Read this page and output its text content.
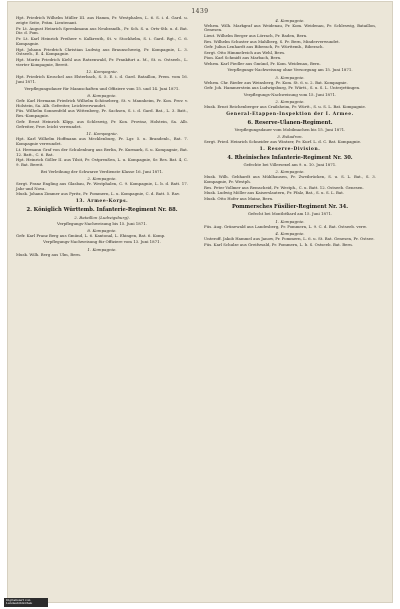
1439
Hpt. Friedrich Wilhelm Müller III. aus Hamm, Pr. Westphalen, L. 6. S. i. d. Gard. u. zeigte Seite, Präm. Lieutenant.
Pr. Lt. August Heinrich Sprenkmann aus Neubrandb., Pr. Sch. S. u. Orts-Stb. u. d. Bat. Dir. d. Pom.
Pr. Lt. Karl Heinrich Freiherr v. Kalkreuth, St. v. Stockhelm, S. i. Gard. Rgt., C. 6. Kompagnie.
Hpt. Johann Friedrich Christian Ludwig aus Braunschweig, Pr. Kompagnie, L. 3. Ostseeb., E. 4. Kompagnie.
Hpt. Moritz Friedrich Kiehl aus Ratzenwald, Pr. Frankfurt a. M., St. n. Ostseeb., L. vierter Kompagnie, Bereit.
12. Kompagnie.
Hpt. Friedrich Kroschel aus Elsterbach, S. 5. E. i. d. Gard. Bataillon, Prem. vom 16. Juni 1871.
Verpflegungsdauer für Mannschaften und Offiziere vom 15. und 14. Juni 1871.
8. Kompagnie.
Gefr. Karl Hermann Friedrich Wilhelm Schöneberg, St. v. Mannheim, Pr. Kon. Prov. v. Holstein, Sa. Alb. Gefreiter, Leichtverwundet.
Füs. Wilhelm Sonnenfeld aus Wittenberg, Pr. Sachsen, S. i. d. Gard. Bat., L. 3. Batt., Res.-Kompagnie.
Gefr. Ernst Heinrich Klipp. aus Schleswig, Pr. Kon. Provinz, Holstein, Sa. Alb. Gefreiter, Prov. leicht verwundet.
11. Kompagnie.
Hpt. Karl Wilhelm Hoffmann aus Mecklenburg, Pr. Lgr. 5. u. Brandenb., Bat. 7. Kompagnie verwundet.
Lt. Hermann Graf von der Schulenburg aus Berlin, Pr. Kurmark, S. u. Kompagnie, Bat. 12. Batt., C. 6. Bat.
Hpt. Heinrich Göller II. aus Tilsit, Pr. Ostpreußen, L. u. Kompagnie, Sr. Res. Bat. 4, C. 9. Bat. Bereit.
Bei Verleihung der Schwarze Verdienste Klasse 16. Juni 1871.
2. Kompagnie.
Sergt. Franz Engling aus Glasbau, Pr. Westphalen, C. 9. Kompagnie, L. b. d. Batt. 17. Jahr und Nova.
Musk. Johann Zimmer aus Pyritz, Pr. Pommern, L. u. Kompagnie, C. d. Batt. 5. Rav.
13. Armee-Korps.
2. Königlich Württemb. Infanterie-Regiment Nr. 88.
2. Bataillon (Ludwigsburg).
Verpflegungs-Nachweisung bis 15. Juni 1871.
8. Kompagnie.
Gefr. Karl Franz Berg aus Gmünd, L. 6. Kantonal, L. Ehingen, Bat. 6. Komp.
Verpflegungs-Nachweisung für Offiziere vom 13. Juni 1871.
1. Kompagnie.
Musk. Wilh. Berg aus Ulm, Bern.
4. Kompagnie.
Wehrm. Wilh. Markgraf aus Weidenau, Pr. Kom. Weidenau, Pr. Schleswig, Bataillon, Genesen.
Lieut. Wilhelm Berger aus Lörrach, Pr. Baden, Bern.
Res. Wilhelm Schuster aus Mahlberg, S. Pr. Bern, Minderverwundet.
Gefr. Julius Lenhardt aus Biberach, Pr. Württemb., Biberach.
Sergt. Otto Himmelreich aus Wehl, Bern.
Pion. Karl Schmidt aus Marbach, Bern.
Wehrm. Karl Fiedler aus Gmünd, Pr. Kom. Weidenau, Bern.
Verpflegungs-Nachweisung ohne Versorgung am 15. Juni 1871.
5. Kompagnie.
Wehrm. Chr. Rieder aus Weinsberg, Pr. Kom. St. 6. u. 2. Bat. Kompagnie.
Gefr. Joh. Hammerstein aus Ludwigsburg, Pr. Württ., S. u. S. L. Unterjettingen.
Verpflegungs-Nachweisung vom 15. Juni 1871.
2. Kompagnie.
Musk. Ernst Reichenberger aus Crailsheim, Pr. Württ., S. u. S. L. Bat. Kompagnie.
General-Etappen-Inspektion der I. Armee.
6. Reserve-Ulanen-Regiment.
Verpflegungsdauer vom Mobilmachen bis 15. Juni 1871.
3. Eskadron.
Sergt. Fried. Heinrich Schneider aus Wintzer, Pr. Kurf. L. d. C. Bat. Kompagnie.
1. Reserve-Division.
4. Rheinisches Infanterie-Regiment Nr. 30.
Gefechte bei Villersexel am 9. u. 10. Juni 1871.
2. Kompagnie.
Musk. Wilh. Gebhardt aus Mühlhausen, Pr. Zweibrücken, S. u. S. L. Bat., S. 3. Kompagnie, Pr. Westph.
Res. Peter Vollmer aus Remscheid, Pr. Westph., C. u. Batt. 12. Ostseeb. Genesen.
Musk. Ludwig Möller aus Kaiserslautern, Pr. Pfalz, Bat., S. u. S. L. Bat.
Musk. Otto Hofer aus Mainz, Bern.
Pommersches Füsilier-Regiment Nr. 34.
Gefecht bei Montbéliard am 15. Juni 1871.
1. Kompagnie.
Füs. Aug. Grünewald aus Landesberg, Pr. Pommern, L. 9. C. d. Bat. Ostseeb. verw.
4. Kompagnie.
Unteroff. Jakob Hammel aus Janow, Pr. Pommern, L. 6. u. St. Bat. Genesen, Pr. Ostsee.
Füs. Karl Schulze aus Greifswald, Pr. Pommern, L. b. S. Ostseeb. Bat. Bern.
Digitalisiert von
Landesbibliothek
